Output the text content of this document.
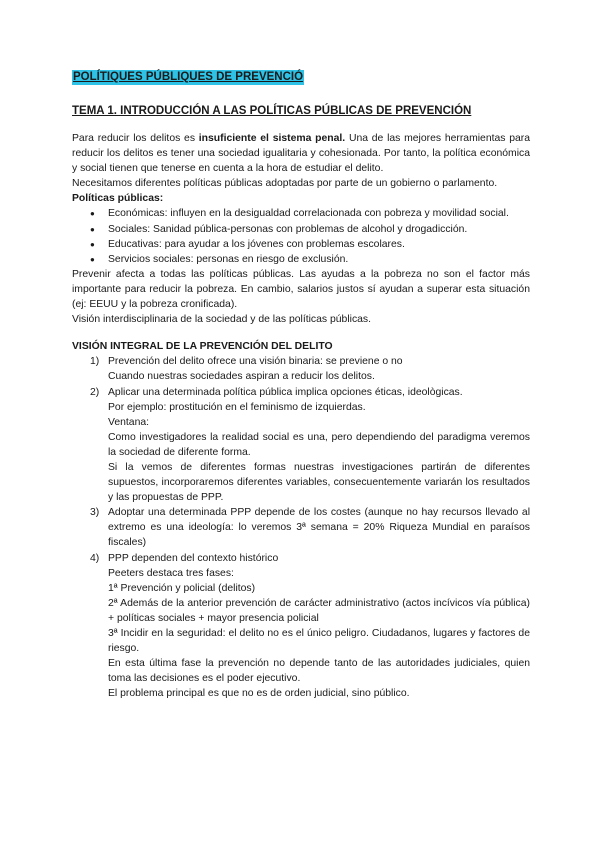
POLÍTIQUES PÚBLIQUES DE PREVENCIÓ
TEMA 1. INTRODUCCIÓN A LAS POLÍTICAS PÚBLICAS DE PREVENCIÓN

Para reducir los delitos es insuficiente el sistema penal. Una de las mejores herramientas para reducir los delitos es tener una sociedad igualitaria y cohesionada. Por tanto, la política económica y social tienen que tenerse en cuenta a la hora de estudiar el delito.

Necesitamos diferentes políticas públicas adoptadas por parte de un gobierno o parlamento.

Políticas públicas:

● Económicas: influyen en la desigualdad correlacionada con pobreza y movilidad social.
● Sociales: Sanidad pública-personas con problemas de alcohol y drogadicción.
● Educativas: para ayudar a los jóvenes con problemas escolares.
● Servicios sociales: personas en riesgo de exclusión.

Prevenir afecta a todas las políticas públicas. Las ayudas a la pobreza no son el factor más importante para reducir la pobreza. En cambio, salarios justos sí ayudan a superar esta situación (ej: EEUU y la pobreza cronificada).

Visión interdisciplinaria de la sociedad y de las políticas públicas.

VISIÓN INTEGRAL DE LA PREVENCIÓN DEL DELITO

1) Prevención del delito ofrece una visión binaria: se previene o no
Cuando nuestras sociedades aspiran a reducir los delitos.
2) Aplicar una determinada política pública implica opciones éticas, ideològicas.
Por ejemplo: prostitución en el feminismo de izquierdas.
Ventana:
Como investigadores la realidad social es una, pero dependiendo del paradigma veremos la sociedad de diferente forma.
Si la vemos de diferentes formas nuestras investigaciones partirán de diferentes supuestos, incorporaremos diferentes variables, consecuentemente variarán los resultados y las propuestas de PPP.
3) Adoptar una determinada PPP depende de los costes (aunque no hay recursos llevado al extremo es una ideología: lo veremos 3ª semana = 20% Riqueza Mundial en paraísos fiscales)
4) PPP dependen del contexto histórico
Peeters destaca tres fases:
1ª Prevención y policial (delitos)
2ª Además de la anterior prevención de carácter administrativo (actos incívicos vía pública) + políticas sociales + mayor presencia policial
3ª Incidir en la seguridad: el delito no es el único peligro. Ciudadanos, lugares y factores de riesgo.
En esta última fase la prevención no depende tanto de las autoridades judiciales, quien toma las decisiones es el poder ejecutivo.
El problema principal es que no es de orden judicial, sino público.
